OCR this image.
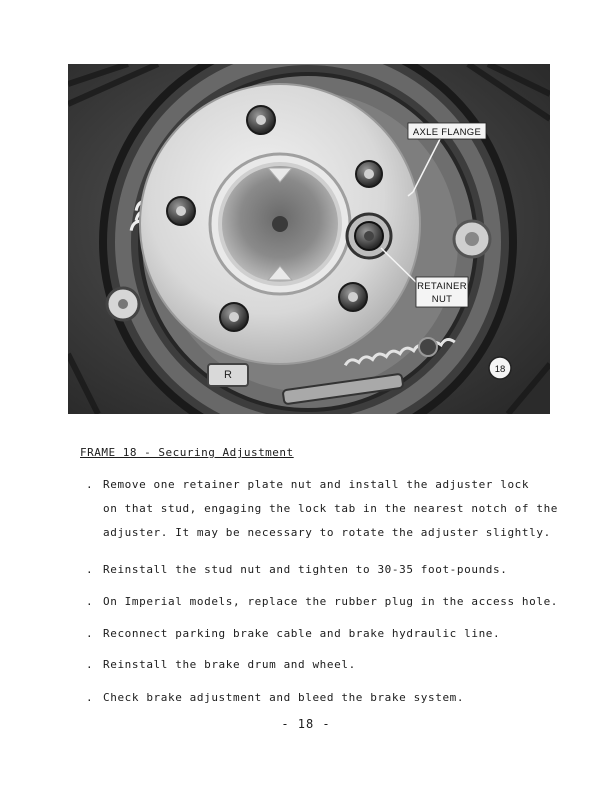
R
AXLE FLANGE
RETAINER
NUT
18
FRAME 18 - Securing Adjustment
. Remove one retainer plate nut and install the adjuster lock
on that stud, engaging the lock tab in the nearest notch of the
adjuster. It may be necessary to rotate the adjuster slightly.
. Reinstall the stud nut and tighten to 30-35 foot-pounds.
. On Imperial models, replace the rubber plug in the access hole.
. Reconnect parking brake cable and brake hydraulic line.
. Reinstall the brake drum and wheel.
. Check brake adjustment and bleed the brake system.
- 18 -
